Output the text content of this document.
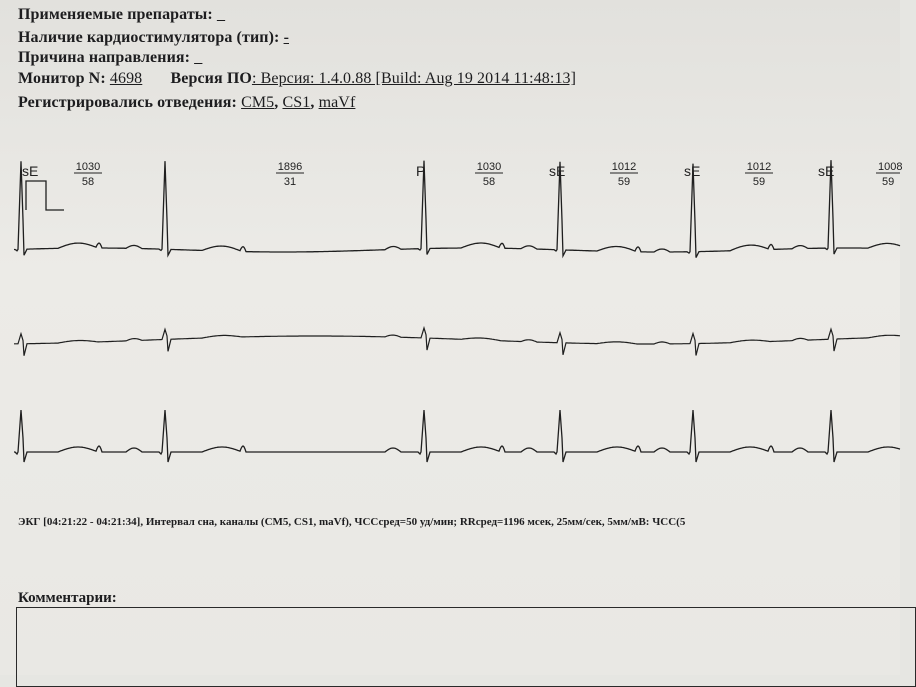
Применяемые препараты: _
Наличие кардиостимулятора (тип): -
Причина направления: _
Монитор N: 4698 Версия ПО: Версия: 1.4.0.88 [Build: Aug 19 2014 11:48:13]
Регистрировались отведения: CM5, CS1, maVf
sE	1030
58
1896
31
P	1030
58
sE	1012
59
sE	1012
59
sE	1008
59
ЭКГ [04:21:22 - 04:21:34], Интервал сна, каналы (CM5, CS1, maVf), ЧССсред=50 уд/мин; RRсред=1196 мсек, 25мм/сек, 5мм/мВ: ЧСС(5
Комментарии:
